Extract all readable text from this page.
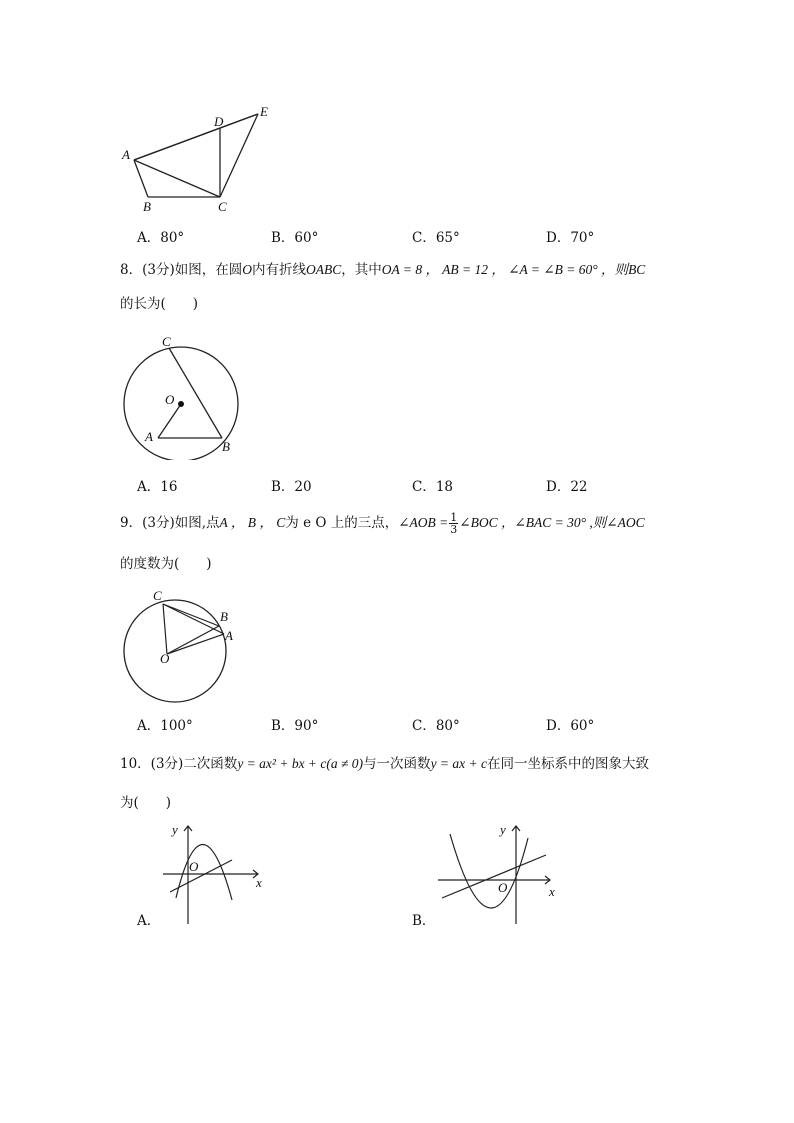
A
B	C
D
E
A．80°	B．60°	C．65°	D．70°
8．(3分)如图，在圆O内有折线OABC，其中OA = 8 ， AB = 12 ， ∠A = ∠B = 60° ，则BC
的长为(　　)
C
O
A
B
A．16	B．20	C．18	D．22
9．(3分)如图,点A ， B ， C为 e O 上的三点，∠AOB = $\frac{1}{3}$ ∠BOC ，∠BAC = 30° ,则∠AOC
的度数为(　　)
C
B
A
O
A．100°	B．90°	C．80°	D．60°
10．(3分)二次函数y = ax² + bx + c(a ≠ 0)与一次函数y = ax + c在同一坐标系中的图象大致
为(　　)
A．
y
O
x
B．
y
O	x
